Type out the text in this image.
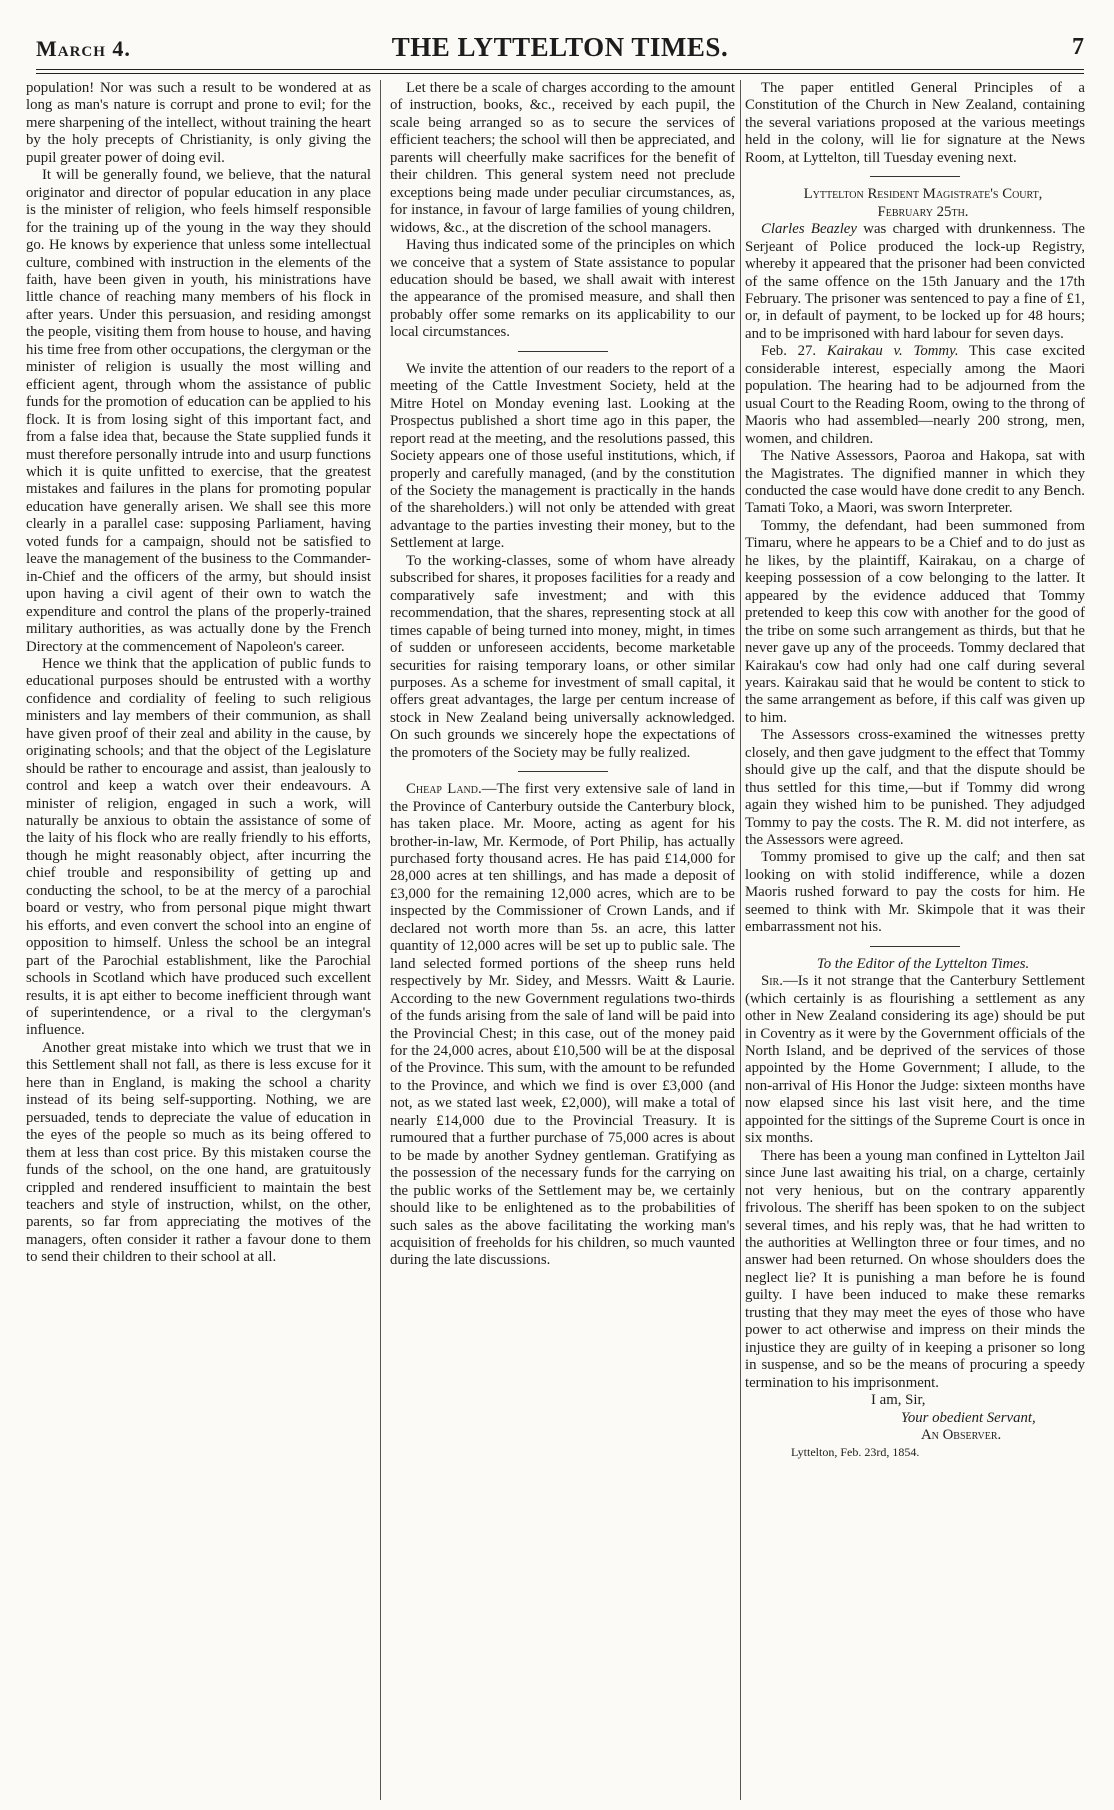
March 4.	THE LYTTELTON TIMES.	7

population! Nor was such a result to be wondered at as long as man's nature is corrupt and prone to evil; for the mere sharpening of the intellect, without training the heart by the holy precepts of Christianity, is only giving the pupil greater power of doing evil.

It will be generally found, we believe, that the natural originator and director of popular education in any place is the minister of religion, who feels himself responsible for the training up of the young in the way they should go. He knows by experience that unless some intellectual culture, combined with instruction in the elements of the faith, have been given in youth, his ministrations have little chance of reaching many members of his flock in after years. Under this persuasion, and residing amongst the people, visiting them from house to house, and having his time free from other occupations, the clergyman or the minister of religion is usually the most willing and efficient agent, through whom the assistance of public funds for the promotion of education can be applied to his flock. It is from losing sight of this important fact, and from a false idea that, because the State supplied funds it must therefore personally intrude into and usurp functions which it is quite unfitted to exercise, that the greatest mistakes and failures in the plans for promoting popular education have generally arisen. We shall see this more clearly in a parallel case: supposing Parliament, having voted funds for a campaign, should not be satisfied to leave the management of the business to the Commander-in-Chief and the officers of the army, but should insist upon having a civil agent of their own to watch the expenditure and control the plans of the properly-trained military authorities, as was actually done by the French Directory at the commencement of Napoleon's career.

Hence we think that the application of public funds to educational purposes should be entrusted with a worthy confidence and cordiality of feeling to such religious ministers and lay members of their communion, as shall have given proof of their zeal and ability in the cause, by originating schools; and that the object of the Legislature should be rather to encourage and assist, than jealously to control and keep a watch over their endeavours. A minister of religion, engaged in such a work, will naturally be anxious to obtain the assistance of some of the laity of his flock who are really friendly to his efforts, though he might reasonably object, after incurring the chief trouble and responsibility of getting up and conducting the school, to be at the mercy of a parochial board or vestry, who from personal pique might thwart his efforts, and even convert the school into an engine of opposition to himself. Unless the school be an integral part of the Parochial establishment, like the Parochial schools in Scotland which have produced such excellent results, it is apt either to become inefficient through want of superintendence, or a rival to the clergyman's influence.

Another great mistake into which we trust that we in this Settlement shall not fall, as there is less excuse for it here than in England, is making the school a charity instead of its being self-supporting. Nothing, we are persuaded, tends to depreciate the value of education in the eyes of the people so much as its being offered to them at less than cost price. By this mistaken course the funds of the school, on the one hand, are gratuitously crippled and rendered insufficient to maintain the best teachers and style of instruction, whilst, on the other, parents, so far from appreciating the motives of the managers, often consider it rather a favour done to them to send their children to their school at all.

Let there be a scale of charges according to the amount of instruction, books, &c., received by each pupil, the scale being arranged so as to secure the services of efficient teachers; the school will then be appreciated, and parents will cheerfully make sacrifices for the benefit of their children. This general system need not preclude exceptions being made under peculiar circumstances, as, for instance, in favour of large families of young children, widows, &c., at the discretion of the school managers.

Having thus indicated some of the principles on which we conceive that a system of State assistance to popular education should be based, we shall await with interest the appearance of the promised measure, and shall then probably offer some remarks on its applicability to our local circumstances.

We invite the attention of our readers to the report of a meeting of the Cattle Investment Society, held at the Mitre Hotel on Monday evening last. Looking at the Prospectus published a short time ago in this paper, the report read at the meeting, and the resolutions passed, this Society appears one of those useful institutions, which, if properly and carefully managed, (and by the constitution of the Society the management is practically in the hands of the shareholders.) will not only be attended with great advantage to the parties investing their money, but to the Settlement at large.

To the working-classes, some of whom have already subscribed for shares, it proposes facilities for a ready and comparatively safe investment; and with this recommendation, that the shares, representing stock at all times capable of being turned into money, might, in times of sudden or unforeseen accidents, become marketable securities for raising temporary loans, or other similar purposes. As a scheme for investment of small capital, it offers great advantages, the large per centum increase of stock in New Zealand being universally acknowledged. On such grounds we sincerely hope the expectations of the promoters of the Society may be fully realized.

Cheap Land.—The first very extensive sale of land in the Province of Canterbury outside the Canterbury block, has taken place. Mr. Moore, acting as agent for his brother-in-law, Mr. Kermode, of Port Philip, has actually purchased forty thousand acres. He has paid £14,000 for 28,000 acres at ten shillings, and has made a deposit of £3,000 for the remaining 12,000 acres, which are to be inspected by the Commissioner of Crown Lands, and if declared not worth more than 5s. an acre, this latter quantity of 12,000 acres will be set up to public sale. The land selected formed portions of the sheep runs held respectively by Mr. Sidey, and Messrs. Waitt & Laurie. According to the new Government regulations two-thirds of the funds arising from the sale of land will be paid into the Provincial Chest; in this case, out of the money paid for the 24,000 acres, about £10,500 will be at the disposal of the Province. This sum, with the amount to be refunded to the Province, and which we find is over £3,000 (and not, as we stated last week, £2,000), will make a total of nearly £14,000 due to the Provincial Treasury. It is rumoured that a further purchase of 75,000 acres is about to be made by another Sydney gentleman. Gratifying as the possession of the necessary funds for the carrying on the public works of the Settlement may be, we certainly should like to be enlightened as to the probabilities of such sales as the above facilitating the working man's acquisition of freeholds for his children, so much vaunted during the late discussions.

The paper entitled General Principles of a Constitution of the Church in New Zealand, containing the several variations proposed at the various meetings held in the colony, will lie for signature at the News Room, at Lyttelton, till Tuesday evening next.

Lyttelton Resident Magistrate's Court,

February 25th.

Clarles Beazley was charged with drunkenness. The Serjeant of Police produced the lock-up Registry, whereby it appeared that the prisoner had been convicted of the same offence on the 15th January and the 17th February. The prisoner was sentenced to pay a fine of £1, or, in default of payment, to be locked up for 48 hours; and to be imprisoned with hard labour for seven days.

Feb. 27. Kairakau v. Tommy. This case excited considerable interest, especially among the Maori population. The hearing had to be adjourned from the usual Court to the Reading Room, owing to the throng of Maoris who had assembled—nearly 200 strong, men, women, and children.

The Native Assessors, Paoroa and Hakopa, sat with the Magistrates. The dignified manner in which they conducted the case would have done credit to any Bench. Tamati Toko, a Maori, was sworn Interpreter.

Tommy, the defendant, had been summoned from Timaru, where he appears to be a Chief and to do just as he likes, by the plaintiff, Kairakau, on a charge of keeping possession of a cow belonging to the latter. It appeared by the evidence adduced that Tommy pretended to keep this cow with another for the good of the tribe on some such arrangement as thirds, but that he never gave up any of the proceeds. Tommy declared that Kairakau's cow had only had one calf during several years. Kairakau said that he would be content to stick to the same arrangement as before, if this calf was given up to him.

The Assessors cross-examined the witnesses pretty closely, and then gave judgment to the effect that Tommy should give up the calf, and that the dispute should be thus settled for this time,—but if Tommy did wrong again they wished him to be punished. They adjudged Tommy to pay the costs. The R. M. did not interfere, as the Assessors were agreed.

Tommy promised to give up the calf; and then sat looking on with stolid indifference, while a dozen Maoris rushed forward to pay the costs for him. He seemed to think with Mr. Skimpole that it was their embarrassment not his.

To the Editor of the Lyttelton Times.

Sir.—Is it not strange that the Canterbury Settlement (which certainly is as flourishing a settlement as any other in New Zealand considering its age) should be put in Coventry as it were by the Government officials of the North Island, and be deprived of the services of those appointed by the Home Government; I allude, to the non-arrival of His Honor the Judge: sixteen months have now elapsed since his last visit here, and the time appointed for the sittings of the Supreme Court is once in six months.

There has been a young man confined in Lyttelton Jail since June last awaiting his trial, on a charge, certainly not very henious, but on the contrary apparently frivolous. The sheriff has been spoken to on the subject several times, and his reply was, that he had written to the authorities at Wellington three or four times, and no answer had been returned. On whose shoulders does the neglect lie? It is punishing a man before he is found guilty. I have been induced to make these remarks trusting that they may meet the eyes of those who have power to act otherwise and impress on their minds the injustice they are guilty of in keeping a prisoner so long in suspense, and so be the means of procuring a speedy termination to his imprisonment.

I am, Sir,

Your obedient Servant,

An Observer.

Lyttelton, Feb. 23rd, 1854.
